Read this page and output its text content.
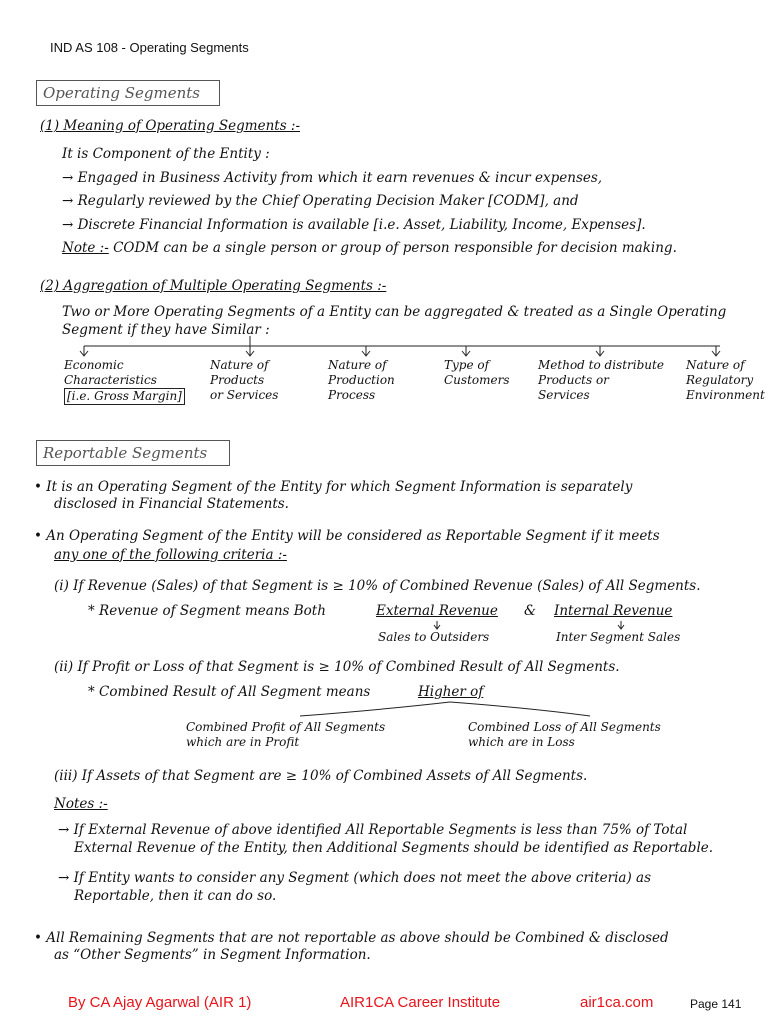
IND AS 108 - Operating Segments
Operating Segments
(1) Meaning of Operating Segments :-
It is Component of the Entity :
→ Engaged in Business Activity from which it earn revenues & incur expenses,
→ Regularly reviewed by the Chief Operating Decision Maker [CODM], and
→ Discrete Financial Information is available [i.e. Asset, Liability, Income, Expenses].
Note :- CODM can be a single person or group of person responsible for decision making.
(2) Aggregation of Multiple Operating Segments :-
Two or More Operating Segments of a Entity can be aggregated & treated as a Single Operating
Segment if they have Similar :
Economic
Characteristics
[i.e. Gross Margin]
Nature of
Products
or Services
Nature of
Production
Process
Type of
Customers
Method to distribute
Products or
Services
Nature of
Regulatory
Environment
Reportable Segments
• It is an Operating Segment of the Entity for which Segment Information is separately
disclosed in Financial Statements.
• An Operating Segment of the Entity will be considered as Reportable Segment if it meets
any one of the following criteria :-
(i) If Revenue (Sales) of that Segment is ≥ 10% of Combined Revenue (Sales) of All Segments.
* Revenue of Segment means Both	External Revenue & Internal Revenue
Sales to Outsiders	Inter Segment Sales
(ii) If Profit or Loss of that Segment is ≥ 10% of Combined Result of All Segments.
* Combined Result of All Segment means	Higher of
Combined Profit of All Segments
which are in Profit
Combined Loss of All Segments
which are in Loss
(iii) If Assets of that Segment are ≥ 10% of Combined Assets of All Segments.
Notes :-
→ If External Revenue of above identified All Reportable Segments is less than 75% of Total
External Revenue of the Entity, then Additional Segments should be identified as Reportable.
→ If Entity wants to consider any Segment (which does not meet the above criteria) as
Reportable, then it can do so.
• All Remaining Segments that are not reportable as above should be Combined & disclosed
as “Other Segments” in Segment Information.
By CA Ajay Agarwal (AIR 1)	AIR1CA Career Institute	air1ca.com	Page 141
